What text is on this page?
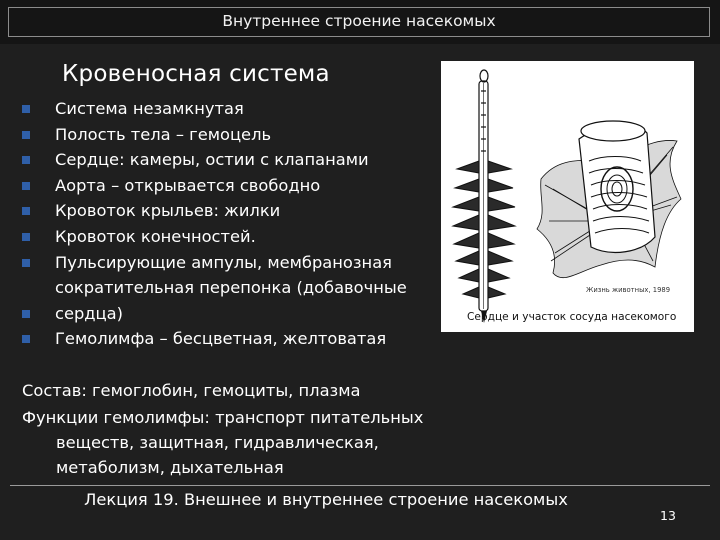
Внутреннее строение насекомых
Кровеносная система
Система незамкнутая
Полость тела – гемоцель
Сердце: камеры, остии с клапанами
Аорта – открывается свободно
Кровоток крыльев: жилки
Кровоток конечностей.
Пульсирующие ампулы, мембранозная
сократительная перепонка (добавочные
сердца)
Гемолимфа – бесцветная, желтоватая
Состав: гемоглобин, гемоциты, плазма
Функции гемолимфы: транспорт питательных
веществ, защитная, гидравлическая,
метаболизм, дыхательная
Жизнь животных, 1989
Сердце и участок сосуда насекомого
Лекция 19. Внешнее и внутреннее строение насекомых
13
